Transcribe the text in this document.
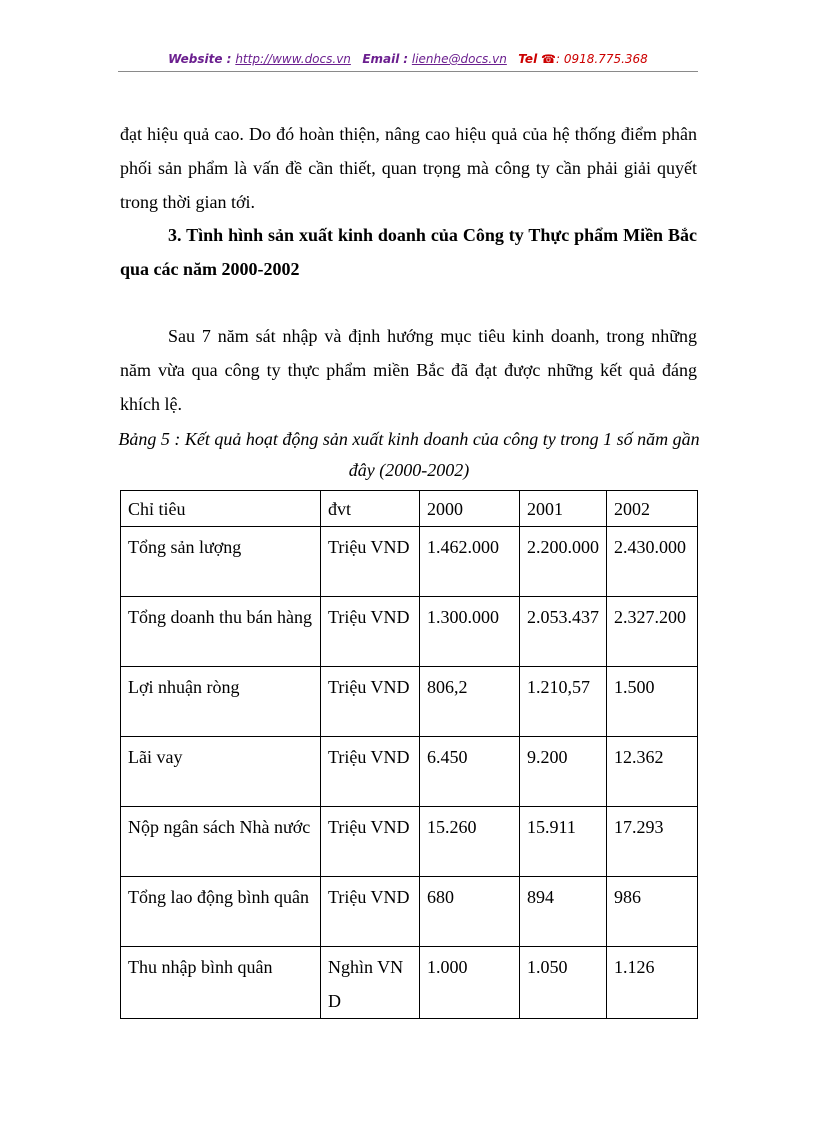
Website : http://www.docs.vn Email : lienhe@docs.vn Tel ☎: 0918.775.368

đạt hiệu quả cao. Do đó hoàn thiện, nâng cao hiệu quả của hệ thống điểm phân phối sản phẩm là vấn đề cần thiết, quan trọng mà công ty cần phải giải quyết trong thời gian tới.

3. Tình hình sản xuất kinh doanh của Công ty Thực phẩm Miền Bắc qua các năm 2000-2002

Sau 7 năm sát nhập và định hướng mục tiêu kinh doanh, trong những năm vừa qua công ty thực phẩm miền Bắc đã đạt được những kết quả đáng khích lệ.

Bảng 5 : Kết quả hoạt động sản xuất kinh doanh của công ty trong 1 số năm gần đây (2000-2002)

Chỉ tiêu	đvt	2000	2001	2002
Tổng sản lượng	Triệu VND	1.462.000	2.200.000	2.430.000
Tổng doanh thu bán hàng	Triệu VND	1.300.000	2.053.437	2.327.200
Lợi nhuận ròng	Triệu VND	806,2	1.210,57	1.500
Lãi vay	Triệu VND	6.450	9.200	12.362
Nộp ngân sách Nhà nước	Triệu VND	15.260	15.911	17.293
Tổng lao động bình quân	Triệu VND	680	894	986
Thu nhập bình quân	Nghìn VND	1.000	1.050	1.126
